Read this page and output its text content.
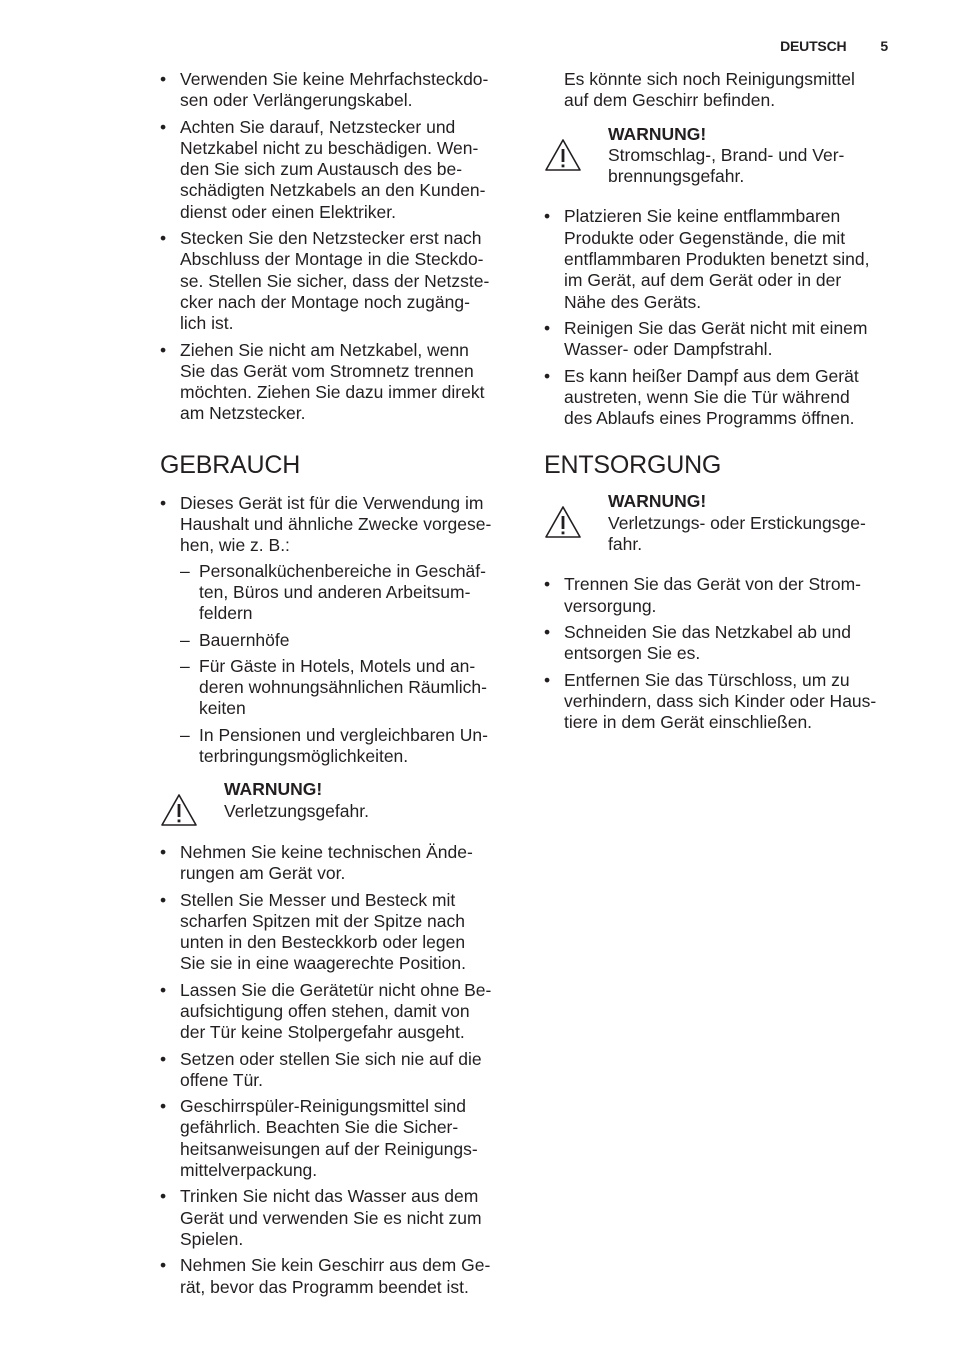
DEUTSCH 5
• Verwenden Sie keine Mehrfachsteckdo-
sen oder Verlängerungskabel.
• Achten Sie darauf, Netzstecker und
Netzkabel nicht zu beschädigen. Wen-
den Sie sich zum Austausch des be-
schädigten Netzkabels an den Kunden-
dienst oder einen Elektriker.
• Stecken Sie den Netzstecker erst nach
Abschluss der Montage in die Steckdo-
se. Stellen Sie sicher, dass der Netzste-
cker nach der Montage noch zugäng-
lich ist.
• Ziehen Sie nicht am Netzkabel, wenn
Sie das Gerät vom Stromnetz trennen
möchten. Ziehen Sie dazu immer direkt
am Netzstecker.
GEBRAUCH
• Dieses Gerät ist für die Verwendung im
Haushalt und ähnliche Zwecke vorgese-
hen, wie z. B.:
– Personalküchenbereiche in Geschäf-
ten, Büros und anderen Arbeitsum-
feldern
– Bauernhöfe
– Für Gäste in Hotels, Motels und an-
deren wohnungsähnlichen Räumlich-
keiten
– In Pensionen und vergleichbaren Un-
terbringungsmöglichkeiten.
WARNUNG!
Verletzungsgefahr.
• Nehmen Sie keine technischen Ände-
rungen am Gerät vor.
• Stellen Sie Messer und Besteck mit
scharfen Spitzen mit der Spitze nach
unten in den Besteckkorb oder legen
Sie sie in eine waagerechte Position.
• Lassen Sie die Gerätetür nicht ohne Be-
aufsichtigung offen stehen, damit von
der Tür keine Stolpergefahr ausgeht.
• Setzen oder stellen Sie sich nie auf die
offene Tür.
• Geschirrspüler-Reinigungsmittel sind
gefährlich. Beachten Sie die Sicher-
heitsanweisungen auf der Reinigungs-
mittelverpackung.
• Trinken Sie nicht das Wasser aus dem
Gerät und verwenden Sie es nicht zum
Spielen.
• Nehmen Sie kein Geschirr aus dem Ge-
rät, bevor das Programm beendet ist.
Es könnte sich noch Reinigungsmittel
auf dem Geschirr befinden.
WARNUNG!
Stromschlag-, Brand- und Ver-
brennungsgefahr.
• Platzieren Sie keine entflammbaren
Produkte oder Gegenstände, die mit
entflammbaren Produkten benetzt sind,
im Gerät, auf dem Gerät oder in der
Nähe des Geräts.
• Reinigen Sie das Gerät nicht mit einem
Wasser- oder Dampfstrahl.
• Es kann heißer Dampf aus dem Gerät
austreten, wenn Sie die Tür während
des Ablaufs eines Programms öffnen.
ENTSORGUNG
WARNUNG!
Verletzungs- oder Erstickungsge-
fahr.
• Trennen Sie das Gerät von der Strom-
versorgung.
• Schneiden Sie das Netzkabel ab und
entsorgen Sie es.
• Entfernen Sie das Türschloss, um zu
verhindern, dass sich Kinder oder Haus-
tiere in dem Gerät einschließen.
